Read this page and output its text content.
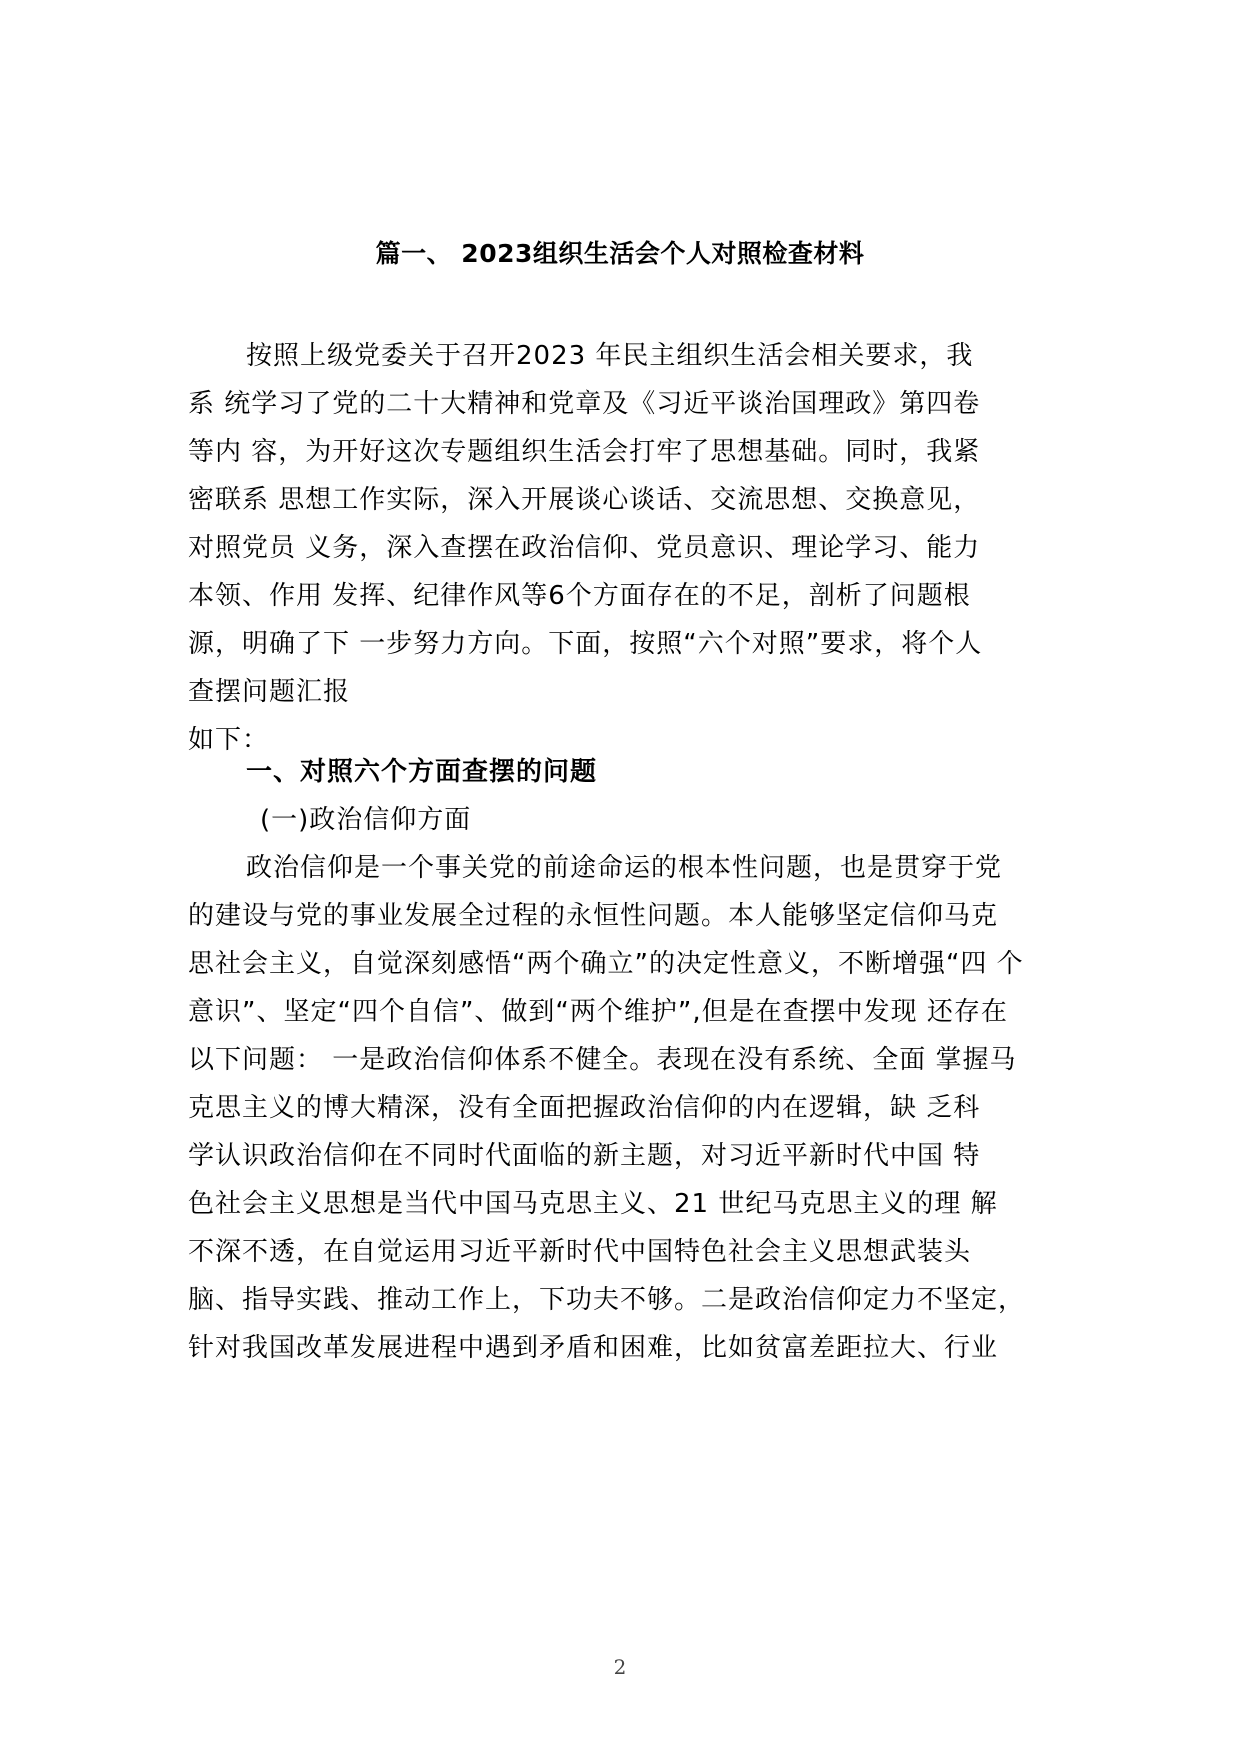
篇一、 2023组织生活会个人对照检查材料
按照上级党委关于召开2023 年民主组织生活会相关要求，我
系 统学习了党的二十大精神和党章及《习近平谈治国理政》第四卷
等内 容，为开好这次专题组织生活会打牢了思想基础。同时，我紧
密联系 思想工作实际，深入开展谈心谈话、交流思想、交换意见，
对照党员 义务，深入查摆在政治信仰、党员意识、理论学习、能力
本领、作用 发挥、纪律作风等6个方面存在的不足，剖析了问题根
源，明确了下 一步努力方向。下面，按照“六个对照”要求，将个人
查摆问题汇报
如下：
一、对照六个方面查摆的问题
(一)政治信仰方面
政治信仰是一个事关党的前途命运的根本性问题，也是贯穿于党
的建设与党的事业发展全过程的永恒性问题。本人能够坚定信仰马克
思社会主义，自觉深刻感悟“两个确立”的决定性意义，不断增强“四 个
意识”、坚定“四个自信”、做到“两个维护”,但是在查摆中发现 还存在
以下问题： 一是政治信仰体系不健全。表现在没有系统、全面 掌握马
克思主义的博大精深，没有全面把握政治信仰的内在逻辑，缺 乏科
学认识政治信仰在不同时代面临的新主题，对习近平新时代中国 特
色社会主义思想是当代中国马克思主义、21 世纪马克思主义的理 解
不深不透，在自觉运用习近平新时代中国特色社会主义思想武装头
脑、指导实践、推动工作上，下功夫不够。二是政治信仰定力不坚定，
针对我国改革发展进程中遇到矛盾和困难，比如贫富差距拉大、行业
2
